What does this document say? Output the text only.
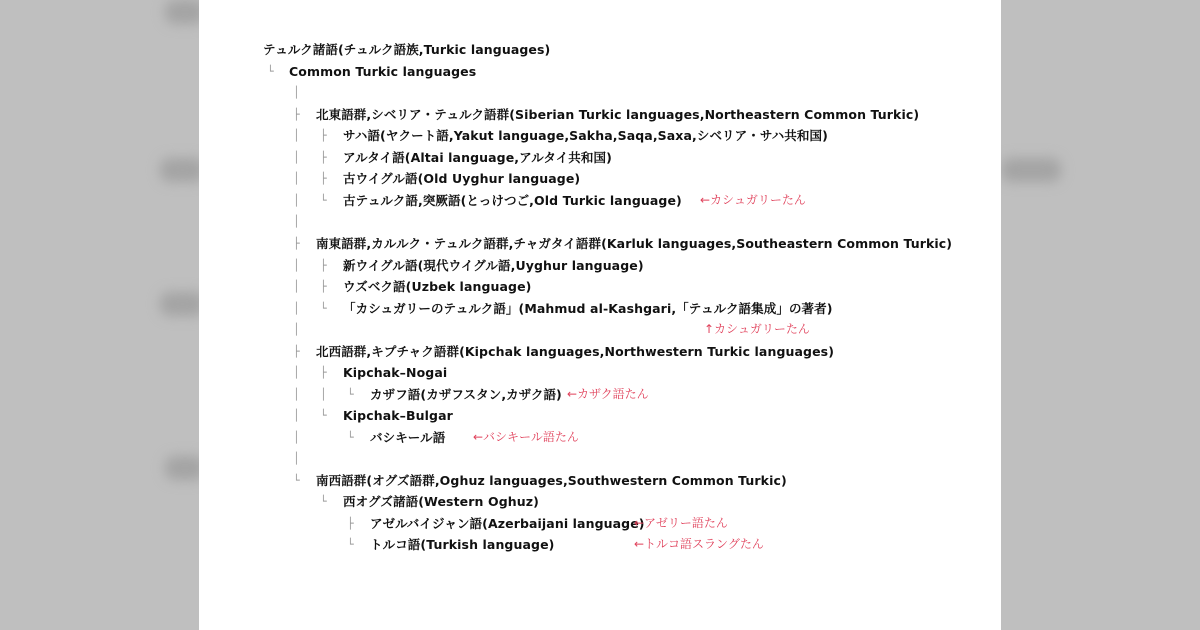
テュルク諸語(チュルク語族,Turkic languages)
└ Common Turkic languages
│
├ 北東語群,シベリア・テュルク語群(Siberian Turkic languages,Northeastern Common Turkic)
│ ├ サハ語(ヤクート語,Yakut language,Sakha,Saqa,Saxa,シベリア・サハ共和国)
│ ├ アルタイ語(Altai language,アルタイ共和国)
│ ├ 古ウイグル語(Old Uyghur language)
│ └ 古テュルク語,突厥語(とっけつご,Old Turkic language) ←カシュガリーたん
│
├ 南東語群,カルルク・テュルク語群,チャガタイ語群(Karluk languages,Southeastern Common Turkic)
│ ├ 新ウイグル語(現代ウイグル語,Uyghur language)
│ ├ ウズベク語(Uzbek language)
│ └ 「カシュガリーのテュルク語」(Mahmud al-Kashgari,「テュルク語集成」の著者)
│	↑カシュガリーたん
├ 北西語群,キプチャク語群(Kipchak languages,Northwestern Turkic languages)
│ ├ Kipchak–Nogai
│ │ └ カザフ語(カザフスタン,カザク語) ←カザク語たん
│ └ Kipchak–Bulgar
│	└ バシキール語 ←バシキール語たん
│
└ 南西語群(オグズ語群,Oghuz languages,Southwestern Common Turkic)
└ 西オグズ諸語(Western Oghuz)
├ アゼルバイジャン語(Azerbaijani language)
←アゼリー語たん
└ トルコ語(Turkish language)	←トルコ語スラングたん
